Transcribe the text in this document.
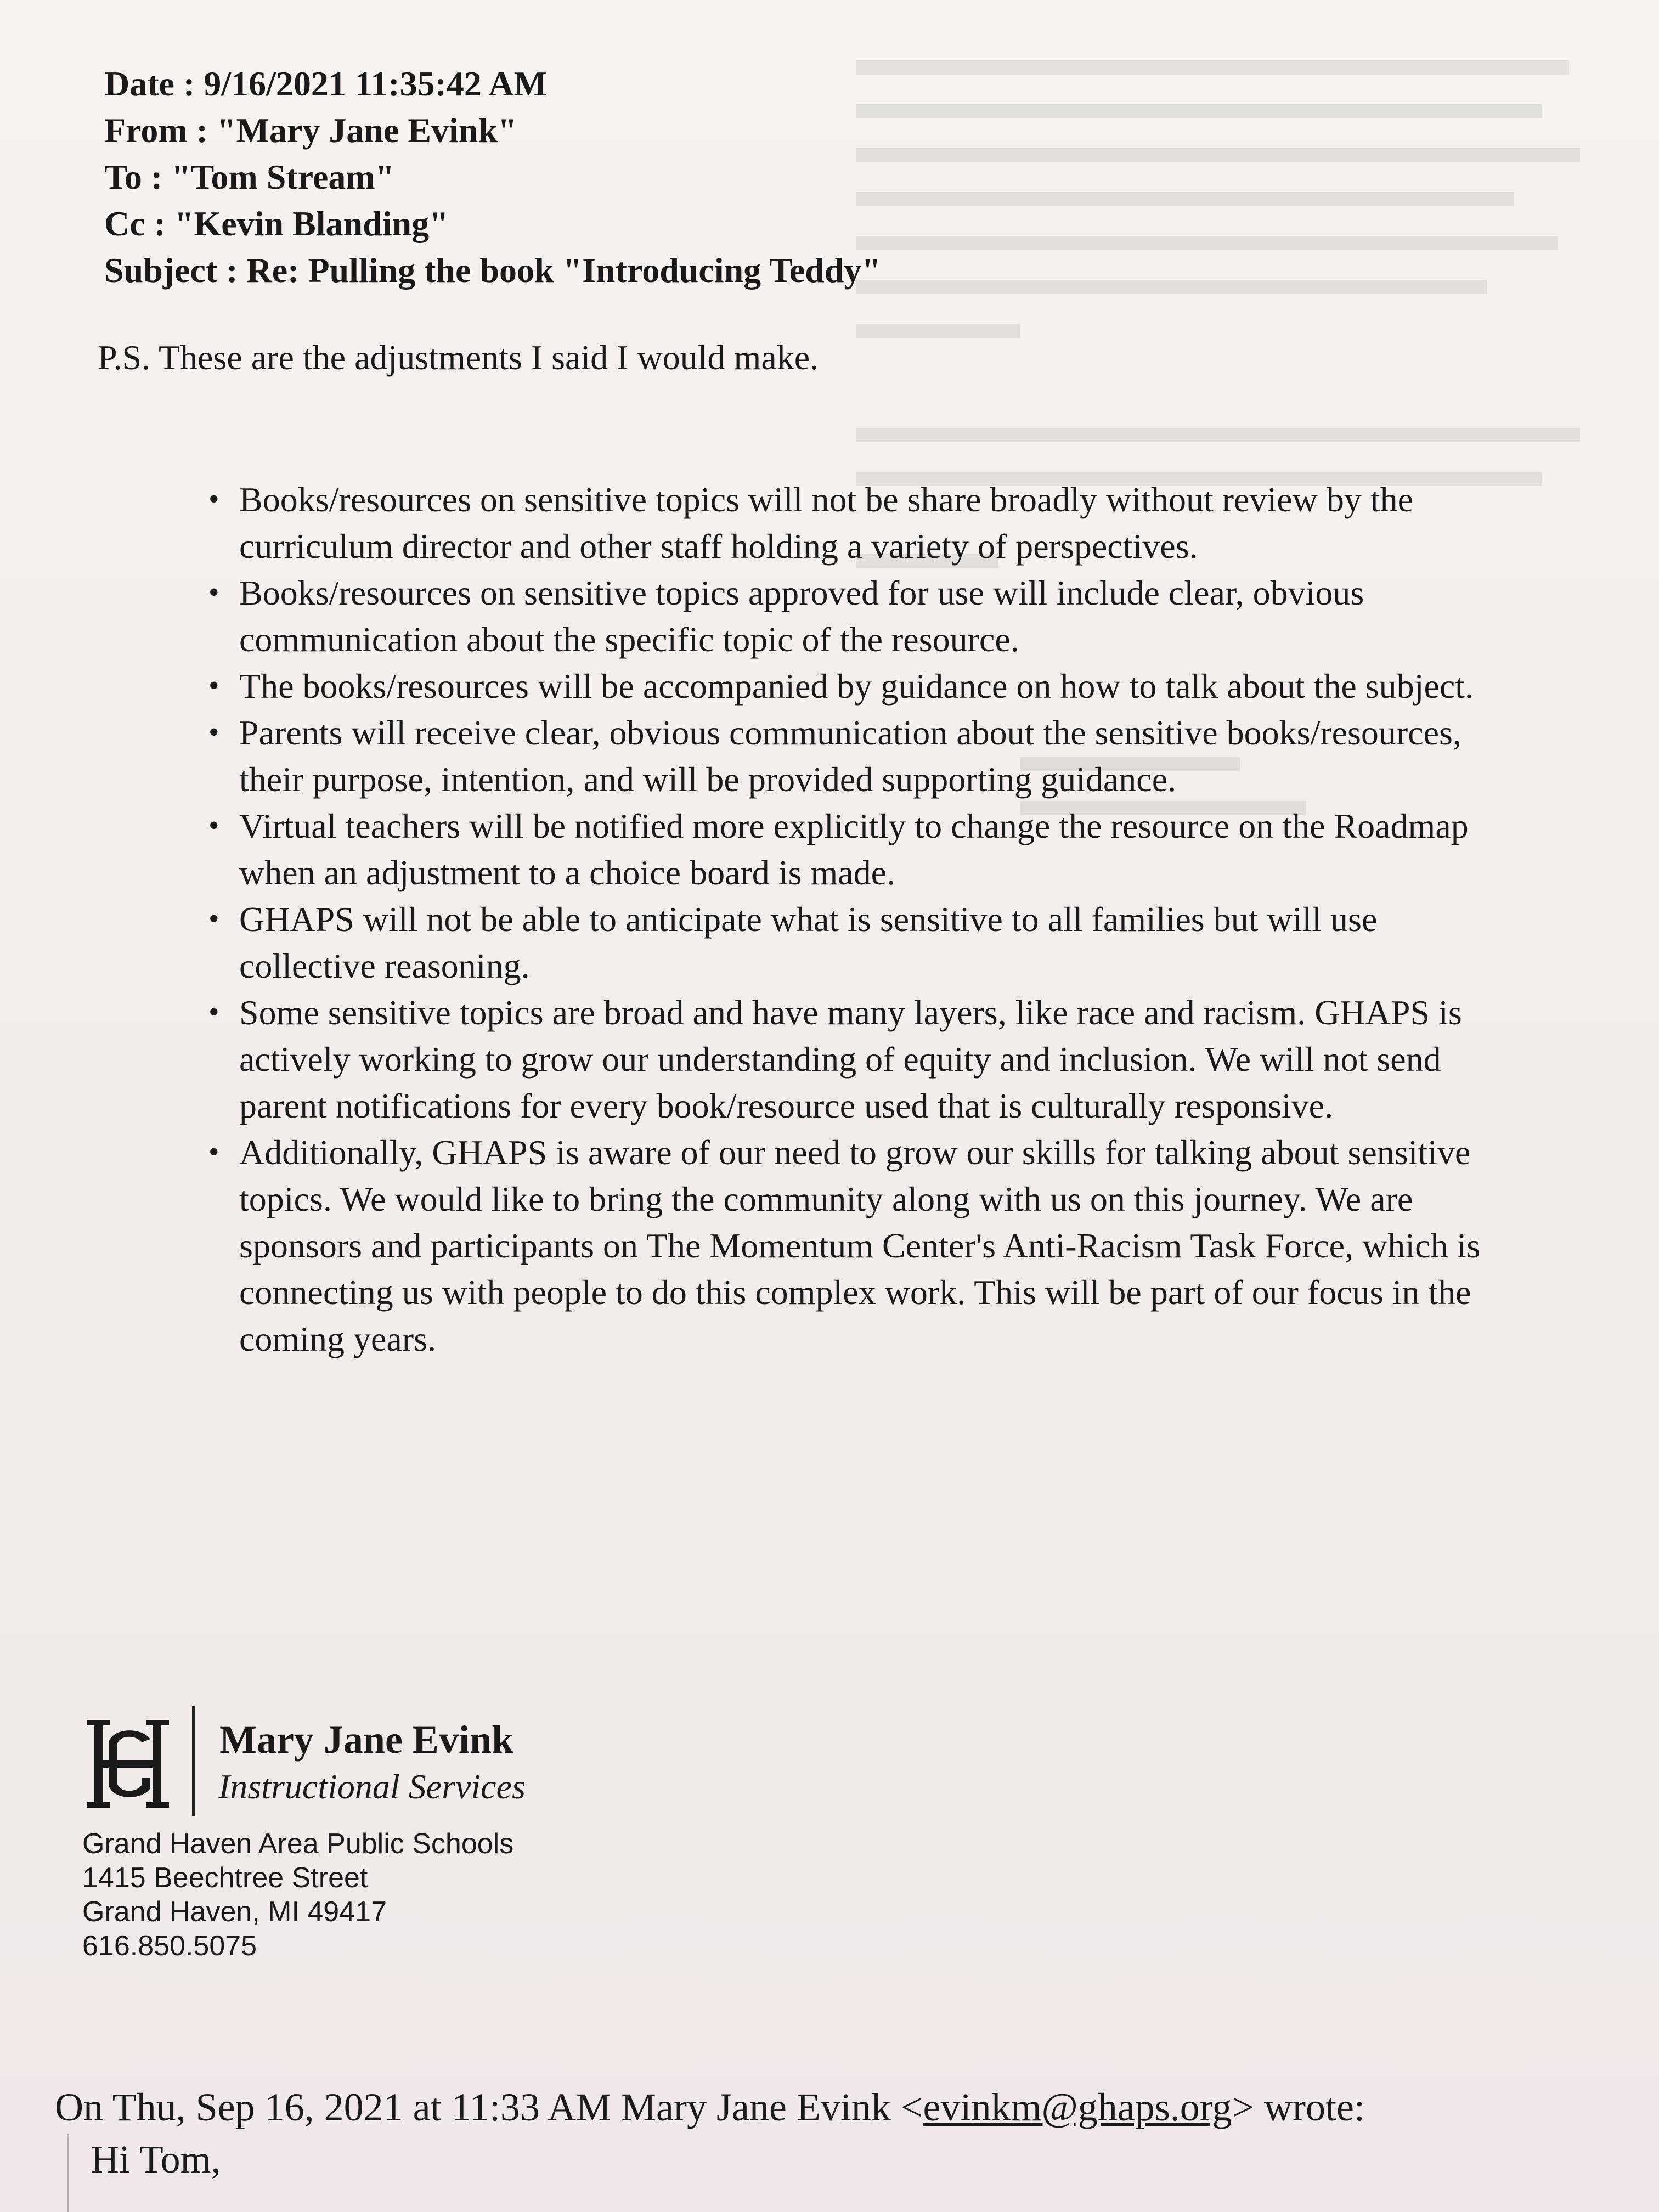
Date : 9/16/2021 11:35:42 AM
From : "Mary Jane Evink"
To : "Tom Stream"
Cc : "Kevin Blanding"
Subject : Re: Pulling the book "Introducing Teddy"
P.S. These are the adjustments I said I would make.
• Books/resources on sensitive topics will not be share broadly without review by the curriculum director and other staff holding a variety of perspectives.
• Books/resources on sensitive topics approved for use will include clear, obvious communication about the specific topic of the resource.
• The books/resources will be accompanied by guidance on how to talk about the subject.
• Parents will receive clear, obvious communication about the sensitive books/resources, their purpose, intention, and will be provided supporting guidance.
• Virtual teachers will be notified more explicitly to change the resource on the Roadmap when an adjustment to a choice board is made.
• GHAPS will not be able to anticipate what is sensitive to all families but will use collective reasoning.
• Some sensitive topics are broad and have many layers, like race and racism. GHAPS is actively working to grow our understanding of equity and inclusion. We will not send parent notifications for every book/resource used that is culturally responsive.
• Additionally, GHAPS is aware of our need to grow our skills for talking about sensitive topics. We would like to bring the community along with us on this journey. We are sponsors and participants on The Momentum Center's Anti-Racism Task Force, which is connecting us with people to do this complex work. This will be part of our focus in the coming years.
Mary Jane Evink
Instructional Services
Grand Haven Area Public Schools
1415 Beechtree Street
Grand Haven, MI 49417
616.850.5075
On Thu, Sep 16, 2021 at 11:33 AM Mary Jane Evink <evinkm@ghaps.org> wrote:
Hi Tom,
